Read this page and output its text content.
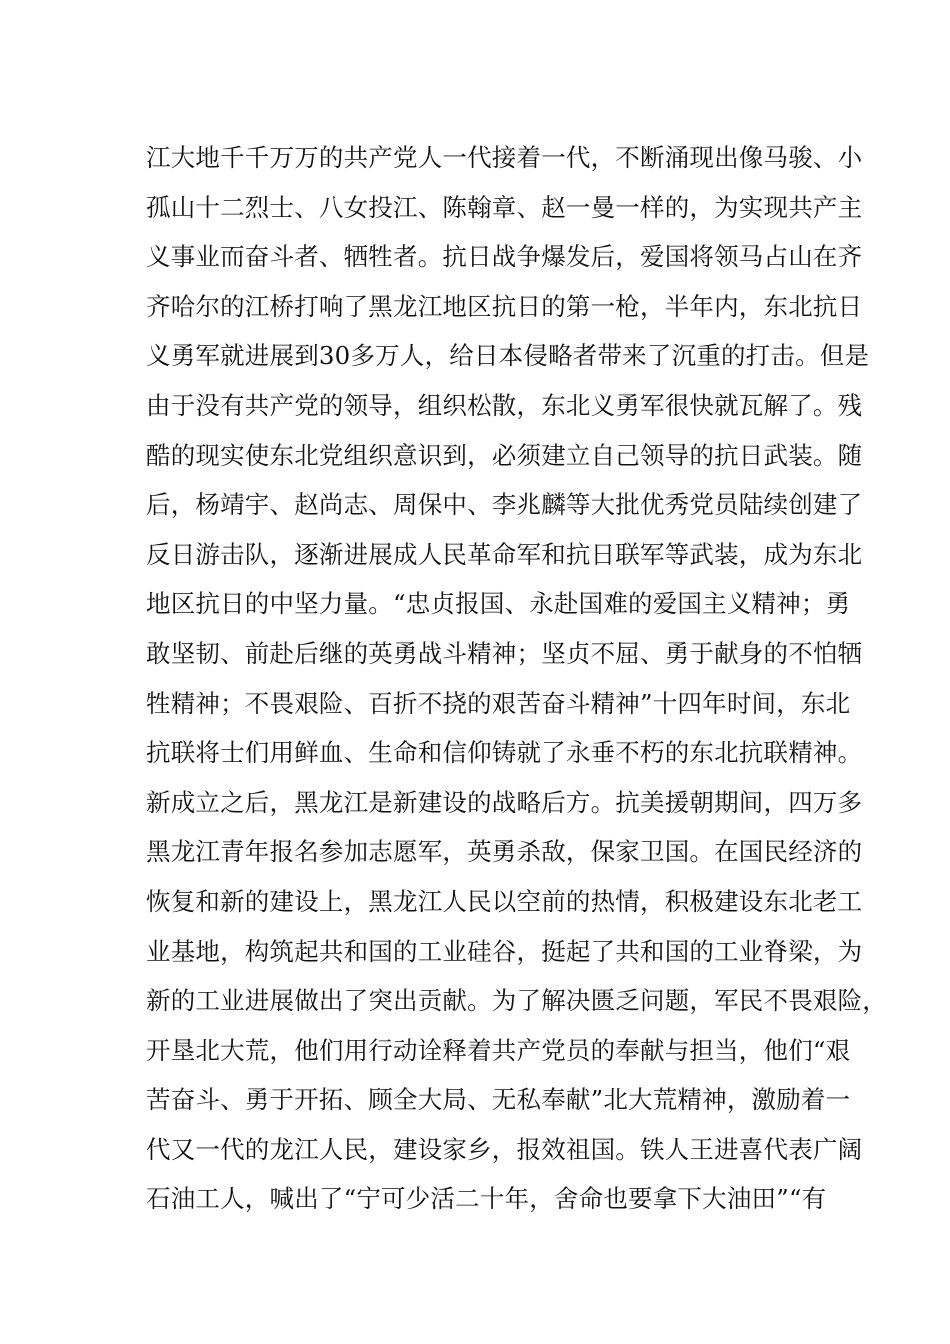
江大地千千万万的共产党人一代接着一代，不断涌现出像马骏、小
孤山十二烈士、八女投江、陈翰章、赵一曼一样的，为实现共产主
义事业而奋斗者、牺牲者。抗日战争爆发后，爱国将领马占山在齐
齐哈尔的江桥打响了黑龙江地区抗日的第一枪，半年内，东北抗日
义勇军就进展到30多万人，给日本侵略者带来了沉重的打击。但是
由于没有共产党的领导，组织松散，东北义勇军很快就瓦解了。残
酷的现实使东北党组织意识到，必须建立自己领导的抗日武装。随
后，杨靖宇、赵尚志、周保中、李兆麟等大批优秀党员陆续创建了
反日游击队，逐渐进展成人民革命军和抗日联军等武装，成为东北
地区抗日的中坚力量。“忠贞报国、永赴国难的爱国主义精神；勇
敢坚韧、前赴后继的英勇战斗精神；坚贞不屈、勇于献身的不怕牺
牲精神；不畏艰险、百折不挠的艰苦奋斗精神”十四年时间，东北
抗联将士们用鲜血、生命和信仰铸就了永垂不朽的东北抗联精神。
新成立之后，黑龙江是新建设的战略后方。抗美援朝期间，四万多
黑龙江青年报名参加志愿军，英勇杀敌，保家卫国。在国民经济的
恢复和新的建设上，黑龙江人民以空前的热情，积极建设东北老工
业基地，构筑起共和国的工业硅谷，挺起了共和国的工业脊梁，为
新的工业进展做出了突出贡献。为了解决匮乏问题，军民不畏艰险，
开垦北大荒，他们用行动诠释着共产党员的奉献与担当，他们“艰
苦奋斗、勇于开拓、顾全大局、无私奉献”北大荒精神，激励着一
代又一代的龙江人民，建设家乡，报效祖国。铁人王进喜代表广阔
石油工人，喊出了“宁可少活二十年，舍命也要拿下大油田”“有
